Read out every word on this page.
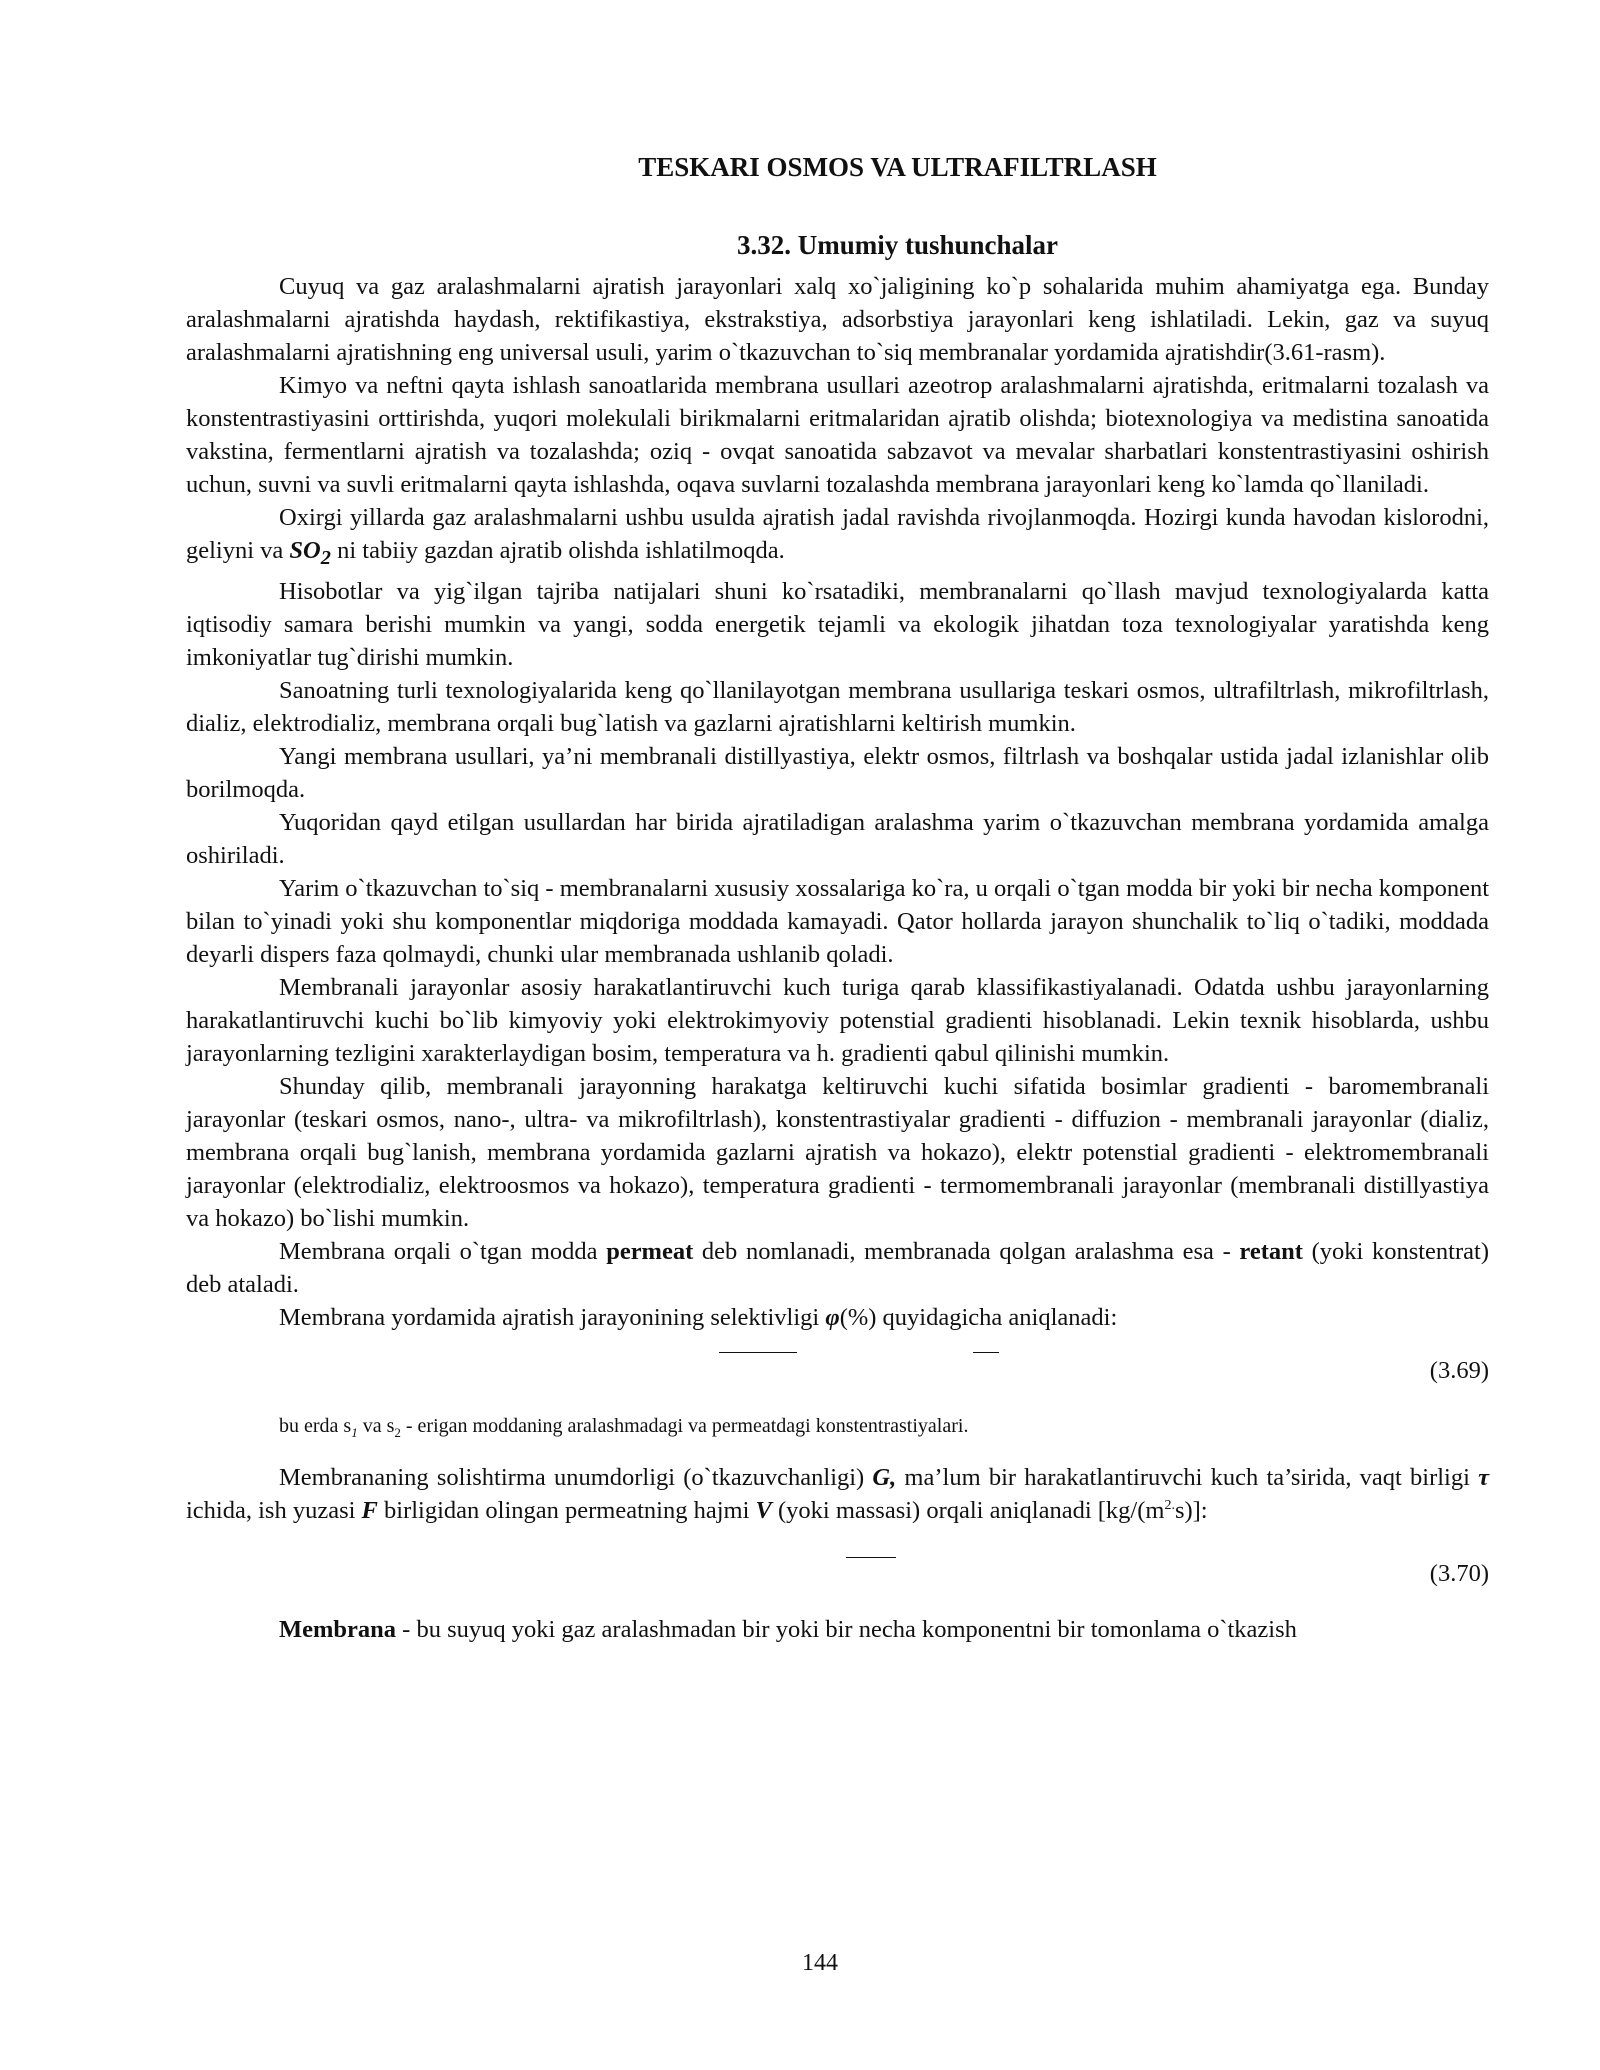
TESKARI OSMOS VA ULTRAFILTRLASH
3.32. Umumiy tushunchalar

Cuyuq va gaz aralashmalarni ajratish jarayonlari xalq xo`jaligining ko`p sohalarida muhim ahamiyatga ega. Bunday aralashmalarni ajratishda haydash, rektifikastiya, ekstrakstiya, adsorbstiya jarayonlari keng ishlatiladi. Lekin, gaz va suyuq aralashmalarni ajratishning eng universal usuli, yarim o`tkazuvchan to`siq membranalar yordamida ajratishdir(3.61-rasm).

Kimyo va neftni qayta ishlash sanoatlarida membrana usullari azeotrop aralashmalarni ajratishda, eritmalarni tozalash va konstentrastiyasini orttirishda, yuqori molekulali birikmalarni eritmalaridan ajratib olishda; biotexnologiya va medistina sanoatida vakstina, fermentlarni ajratish va tozalashda; oziq - ovqat sanoatida sabzavot va mevalar sharbatlari konstentrastiyasini oshirish uchun, suvni va suvli eritmalarni qayta ishlashda, oqava suvlarni tozalashda membrana jarayonlari keng ko`lamda qo`llaniladi.

Oxirgi yillarda gaz aralashmalarni ushbu usulda ajratish jadal ravishda rivojlanmoqda. Hozirgi kunda havodan kislorodni, geliyni va $SO_2$ ni tabiiy gazdan ajratib olishda ishlatilmoqda.

Hisobotlar va yig`ilgan tajriba natijalari shuni ko`rsatadiki, membranalarni qo`llash mavjud texnologiyalarda katta iqtisodiy samara berishi mumkin va yangi, sodda energetik tejamli va ekologik jihatdan toza texnologiyalar yaratishda keng imkoniyatlar tug`dirishi mumkin.

Sanoatning turli texnologiyalarida keng qo`llanilayotgan membrana usullariga teskari osmos, ultrafiltrlash, mikrofiltrlash, dializ, elektrodializ, membrana orqali bug`latish va gazlarni ajratishlarni keltirish mumkin.

Yangi membrana usullari, ya’ni membranali distillyastiya, elektr osmos, filtrlash va boshqalar ustida jadal izlanishlar olib borilmoqda.

Yuqoridan qayd etilgan usullardan har birida ajratiladigan aralashma yarim o`tkazuvchan membrana yordamida amalga oshiriladi.

Yarim o`tkazuvchan to`siq - membranalarni xususiy xossalariga ko`ra, u orqali o`tgan modda bir yoki bir necha komponent bilan to`yinadi yoki shu komponentlar miqdoriga moddada kamayadi. Qator hollarda jarayon shunchalik to`liq o`tadiki, moddada deyarli dispers faza qolmaydi, chunki ular membranada ushlanib qoladi.

Membranali jarayonlar asosiy harakatlantiruvchi kuch turiga qarab klassifikastiyalanadi. Odatda ushbu jarayonlarning harakatlantiruvchi kuchi bo`lib kimyoviy yoki elektrokimyoviy potenstial gradienti hisoblanadi. Lekin texnik hisoblarda, ushbu jarayonlarning tezligini xarakterlaydigan bosim, temperatura va h. gradienti qabul qilinishi mumkin.

Shunday qilib, membranali jarayonning harakatga keltiruvchi kuchi sifatida bosimlar gradienti - baromembranali jarayonlar (teskari osmos, nano-, ultra- va mikrofiltrlash), konstentrastiyalar gradienti - diffuzion - membranali jarayonlar (dializ, membrana orqali bug`lanish, membrana yordamida gazlarni ajratish va hokazo), elektr potenstial gradienti - elektromembranali jarayonlar (elektrodializ, elektroosmos va hokazo), temperatura gradienti - termomembranali jarayonlar (membranali distillyastiya va hokazo) bo`lishi mumkin.

Membrana orqali o`tgan modda permeat deb nomlanadi, membranada qolgan aralashma esa - retant (yoki konstentrat) deb ataladi.

Membrana yordamida ajratish jarayonining selektivligi φ(%) quyidagicha aniqlanadi:

(3.69)
bu erda $s_1$ va $s_2$ - erigan moddaning aralashmadagi va permeatdagi konstentrastiyalari.

Membrananing solishtirma unumdorligi (o`tkazuvchanligi) G, ma’lum bir harakatlantiruvchi kuch ta’sirida, vaqt birligi τ ichida, ish yuzasi F birligidan olingan permeatning hajmi V (yoki massasi) orqali aniqlanadi $[kg/(m^{2.}s)]$:

(3.70)

Membrana - bu suyuq yoki gaz aralashmadan bir yoki bir necha komponentni bir tomonlama o`tkazish

144
